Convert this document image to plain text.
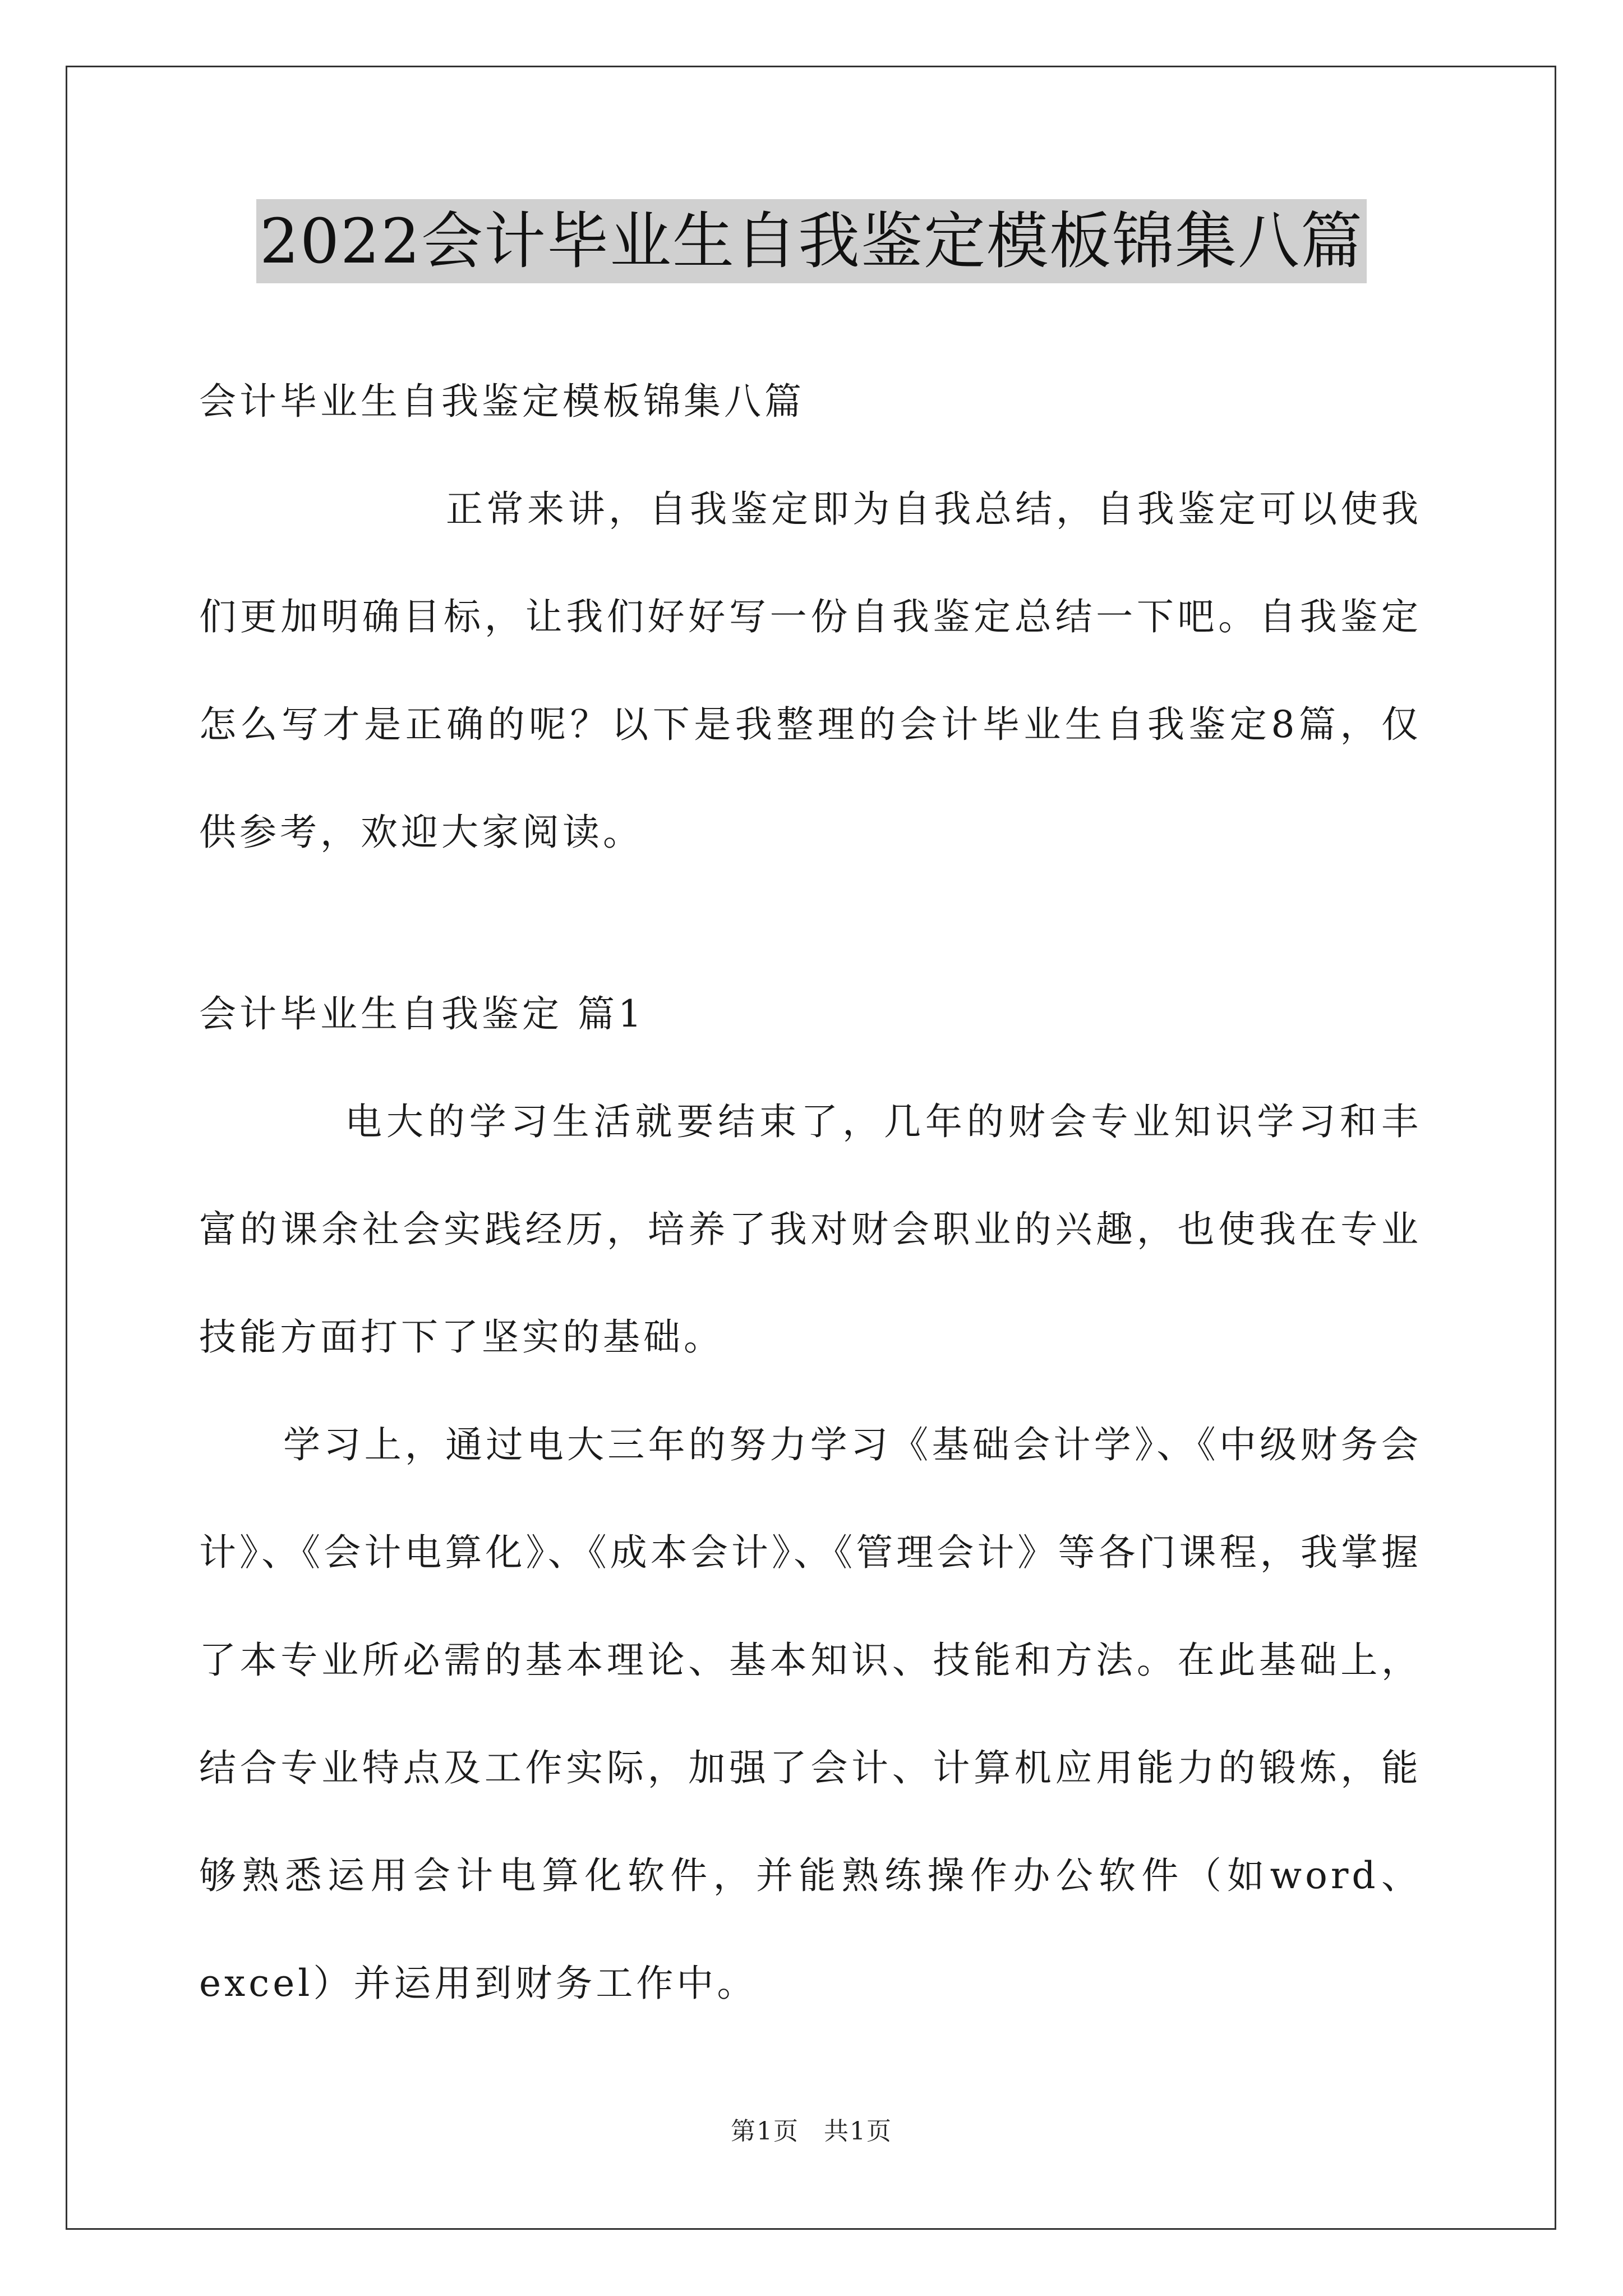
2022会计毕业生自我鉴定模板锦集八篇
会计毕业生自我鉴定模板锦集八篇

正常来讲，自我鉴定即为自我总结，自我鉴定可以使我们更加明确目标，让我们好好写一份自我鉴定总结一下吧。自我鉴定怎么写才是正确的呢？以下是我整理的会计毕业生自我鉴定8篇，仅供参考，欢迎大家阅读。

会计毕业生自我鉴定 篇1

电大的学习生活就要结束了，几年的财会专业知识学习和丰富的课余社会实践经历，培养了我对财会职业的兴趣，也使我在专业技能方面打下了坚实的基础。

学习上，通过电大三年的努力学习《基础会计学》、《中级财务会计》、《会计电算化》、《成本会计》、《管理会计》等各门课程，我掌握了本专业所必需的基本理论、基本知识、技能和方法。在此基础上，结合专业特点及工作实际，加强了会计、计算机应用能力的锻炼，能够熟悉运用会计电算化软件，并能熟练操作办公软件（如word、excel）并运用到财务工作中。

第1页 共1页
